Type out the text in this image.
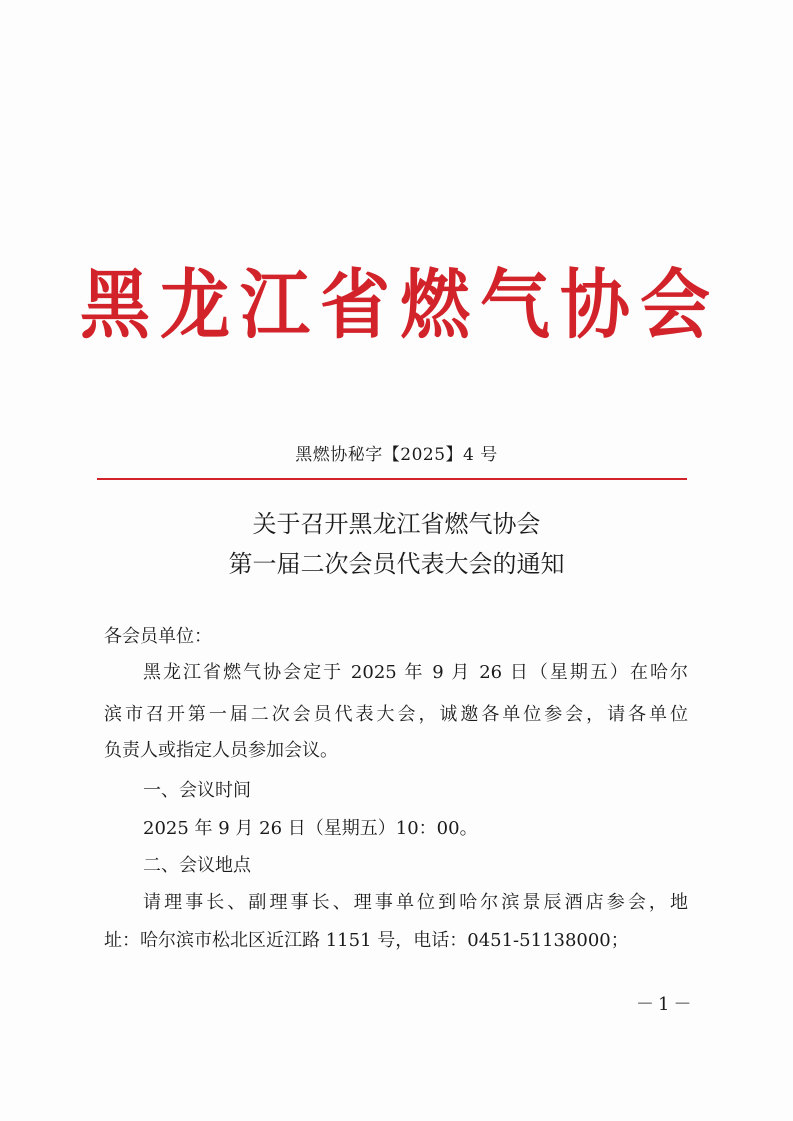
黑 龙 江 省 燃 气 协 会
黑燃协秘字【2025】4 号
关于召开黑龙江省燃气协会
第一届二次会员代表大会的通知
各会员单位：
黑龙江省燃气协会定于 2025 年 9 月 26 日（星期五）在哈尔
滨市召开第一届二次会员代表大会，诚邀各单位参会，请各单位
负责人或指定人员参加会议。
一、会议时间
2025 年 9 月 26 日（星期五）10：00。
二、会议地点
请理事长、副理事长、理事单位到哈尔滨景辰酒店参会，地
址：哈尔滨市松北区近江路 1151 号，电话：0451-51138000；
－1－
